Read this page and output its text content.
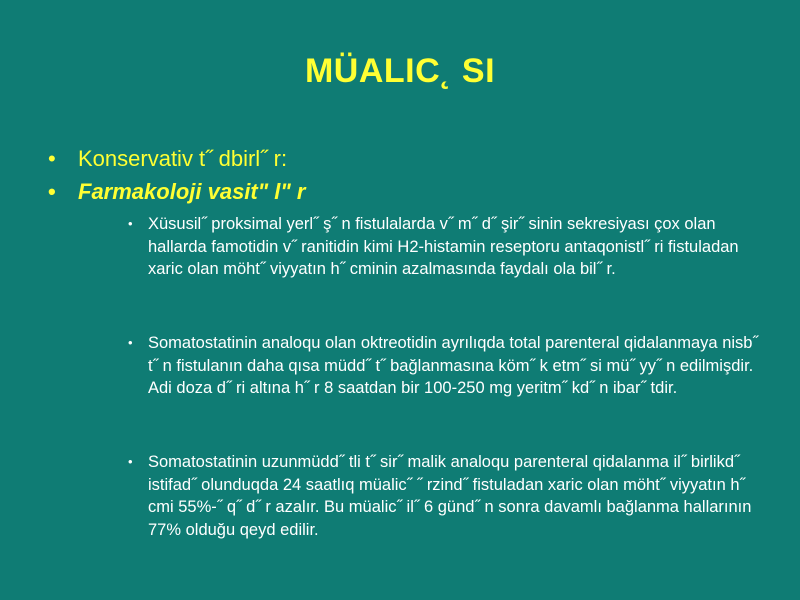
MÜALIC˛ SI
• Konservativ t˝ dbirl˝ r:
• Farmakoloji vasit" l" r
• Xüsusil˝ proksimal yerl˝ ş˝ n fistulalarda v˝ m˝ d˝ şir˝ sinin sekresiyası çox olan hallarda famotidin v˝ ranitidin kimi H2-histamin reseptoru antaqonistl˝ ri fistuladan xaric olan möht˝ viyyatın h˝ cminin azalmasında faydalı ola bil˝ r.
• Somatostatinin analoqu olan oktreotidin ayrılıqda total parenteral qidalanmaya nisb˝ t˝ n fistulanın daha qısa müdd˝ t˝ bağlanmasına köm˝ k etm˝ si mü˝ yy˝ n edilmişdir. Adi doza d˝ ri altına h˝ r 8 saatdan bir 100-250 mg yeritm˝ kd˝ n ibar˝ tdir.
• Somatostatinin uzunmüdd˝ tli t˝ sir˝ malik analoqu parenteral qidalanma il˝ birlikd˝ istifad˝ olunduqda 24 saatlıq müalic˝ ˝ rzind˝ fistuladan xaric olan möht˝ viyyatın h˝ cmi 55%-˝ q˝ d˝ r azalır. Bu müalic˝ il˝ 6 günd˝ n sonra davamlı bağlanma hallarının 77% olduğu qeyd edilir.
